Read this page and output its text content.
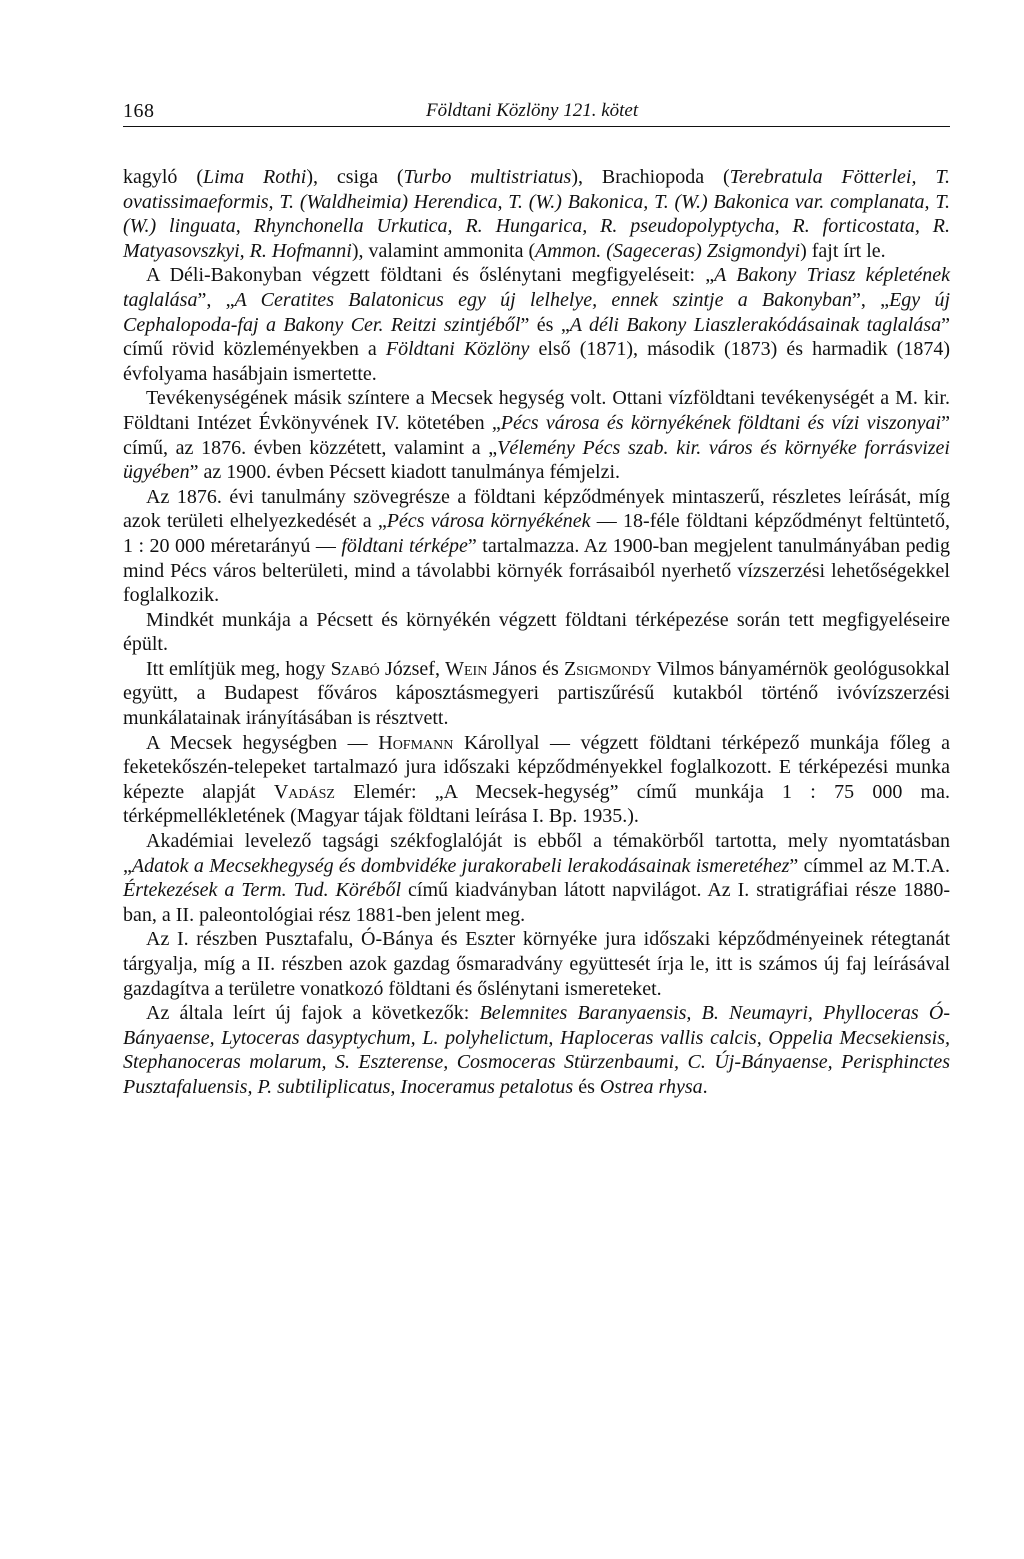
168	Földtani Közlöny 121. kötet

kagyló (Lima Rothi), csiga (Turbo multistriatus), Brachiopoda (Terebratula Fötterlei, T. ovatissimaeformis, T. (Waldheimia) Herendica, T. (W.) Bakonica, T. (W.) Bakonica var. complanata, T. (W.) linguata, Rhynchonella Urkutica, R. Hungarica, R. pseudopolyptycha, R. forticostata, R. Matyasovszkyi, R. Hofmanni), valamint ammonita (Ammon. (Sageceras) Zsigmondyi) fajt írt le.

A Déli-Bakonyban végzett földtani és őslénytani megfigyeléseit: „A Bakony Triasz képletének taglalása”, „A Ceratites Balatonicus egy új lelhelye, ennek szintje a Bakonyban”, „Egy új Cephalopoda-faj a Bakony Cer. Reitzi szintjéből” és „A déli Bakony Liaszlerakódásainak taglalása” című rövid közleményekben a Földtani Közlöny első (1871), második (1873) és harmadik (1874) évfolyama hasábjain ismertette.

Tevékenységének másik színtere a Mecsek hegység volt. Ottani vízföldtani tevékenységét a M. kir. Földtani Intézet Évkönyvének IV. kötetében „Pécs városa és környékének földtani és vízi viszonyai” című, az 1876. évben közzétett, valamint a „Vélemény Pécs szab. kir. város és környéke forrásvizei ügyében” az 1900. évben Pécsett kiadott tanulmánya fémjelzi.

Az 1876. évi tanulmány szövegrésze a földtani képződmények mintaszerű, részletes leírását, míg azok területi elhelyezkedését a „Pécs városa környékének — 18-féle földtani képződményt feltüntető, 1 : 20 000 méretarányú — földtani térképe” tartalmazza. Az 1900-ban megjelent tanulmányában pedig mind Pécs város belterületi, mind a távolabbi környék forrásaiból nyerhető vízszerzési lehetőségekkel foglalkozik.

Mindkét munkája a Pécsett és környékén végzett földtani térképezése során tett megfigyeléseire épült.

Itt említjük meg, hogy Szabó József, Wein János és Zsigmondy Vilmos bányamérnök geológusokkal együtt, a Budapest főváros káposztásmegyeri partiszűrésű kutakból történő ivóvízszerzési munkálatainak irányításában is résztvett.

A Mecsek hegységben — Hofmann Károllyal — végzett földtani térképező munkája főleg a feketekőszén-telepeket tartalmazó jura időszaki képződményekkel foglalkozott. E térképezési munka képezte alapját Vadász Elemér: „A Mecsek-hegység” című munkája 1 : 75 000 ma. térképmellékletének (Magyar tájak földtani leírása I. Bp. 1935.).

Akadémiai levelező tagsági székfoglalóját is ebből a témakörből tartotta, mely nyomtatásban „Adatok a Mecsekhegység és dombvidéke jurakorabeli lerakodásainak ismeretéhez” címmel az M.T.A. Értekezések a Term. Tud. Köréből című kiadványban látott napvilágot. Az I. stratigráfiai része 1880-ban, a II. paleontológiai rész 1881-ben jelent meg.

Az I. részben Pusztafalu, Ó-Bánya és Eszter környéke jura időszaki képződményeinek rétegtanát tárgyalja, míg a II. részben azok gazdag ősmaradvány együttesét írja le, itt is számos új faj leírásával gazdagítva a területre vonatkozó földtani és őslénytani ismereteket.

Az általa leírt új fajok a következők: Belemnites Baranyaensis, B. Neumayri, Phylloceras Ó-Bányaense, Lytoceras dasyptychum, L. polyhelictum, Haploceras vallis calcis, Oppelia Mecsekiensis, Stephanoceras molarum, S. Eszterense, Cosmoceras Stürzenbaumi, C. Új-Bányaense, Perisphinctes Pusztafaluensis, P. subtiliplicatus, Inoceramus petalotus és Ostrea rhysa.
